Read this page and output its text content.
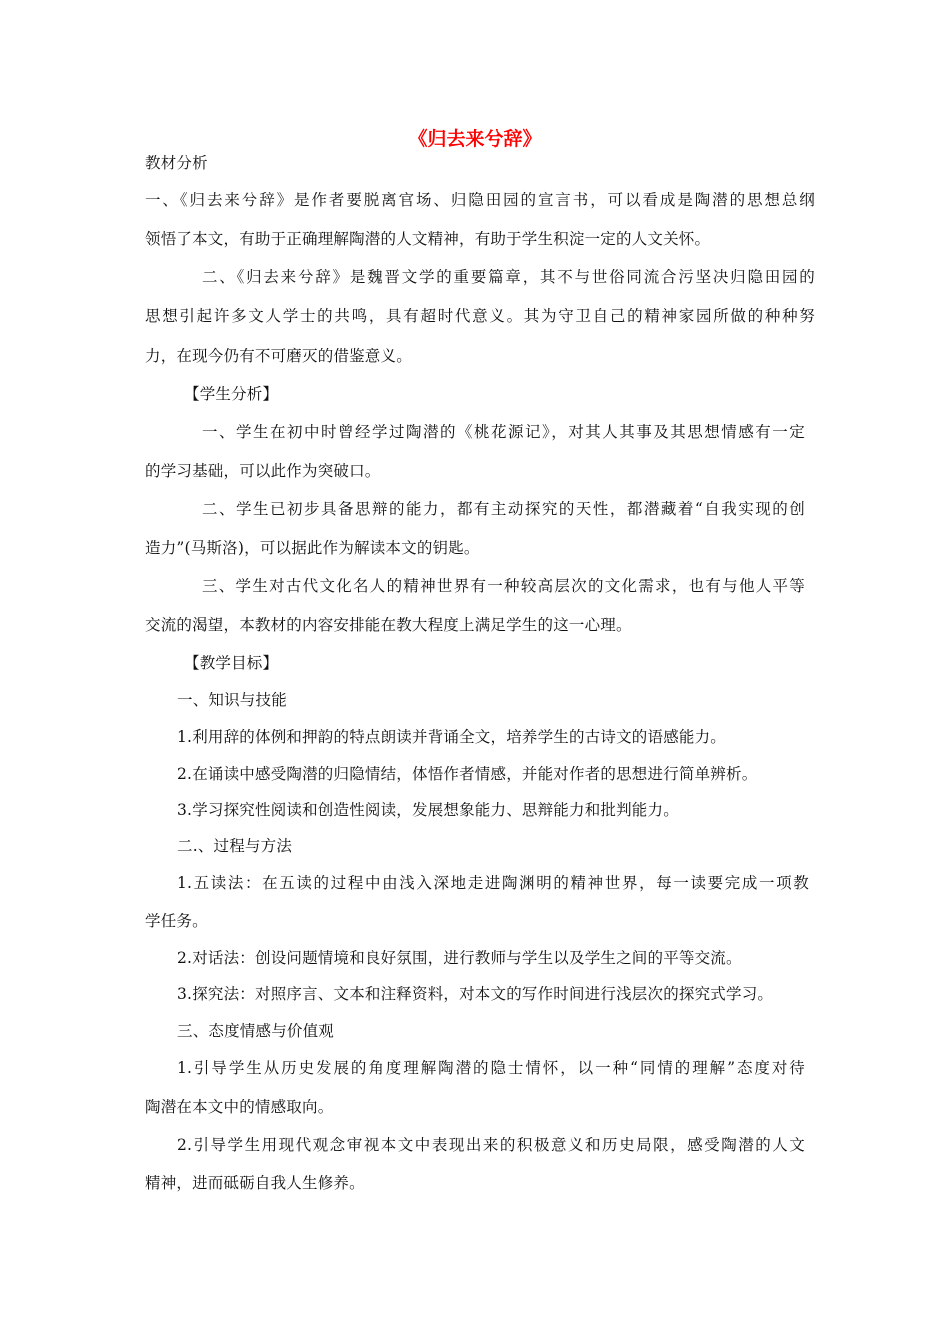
《归去来兮辞》
教材分析
一、《归去来兮辞》是作者要脱离官场、归隐田园的宣言书，可以看成是陶潜的思想总纲
领悟了本文，有助于正确理解陶潜的人文精神，有助于学生积淀一定的人文关怀。
二、《归去来兮辞》是魏晋文学的重要篇章，其不与世俗同流合污坚决归隐田园的
思想引起许多文人学士的共鸣，具有超时代意义。其为守卫自己的精神家园所做的种种努
力，在现今仍有不可磨灭的借鉴意义。
【学生分析】
一、学生在初中时曾经学过陶潜的《桃花源记》，对其人其事及其思想情感有一定
的学习基础，可以此作为突破口。
二、学生已初步具备思辩的能力，都有主动探究的天性，都潜藏着“自我实现的创
造力”(马斯洛)，可以据此作为解读本文的钥匙。
三、学生对古代文化名人的精神世界有一种较高层次的文化需求，也有与他人平等
交流的渴望，本教材的内容安排能在教大程度上满足学生的这一心理。
【教学目标】
一、知识与技能
1.利用辞的体例和押韵的特点朗读并背诵全文，培养学生的古诗文的语感能力。
2.在诵读中感受陶潜的归隐情结，体悟作者情感，并能对作者的思想进行简单辨析。
3.学习探究性阅读和创造性阅读，发展想象能力、思辩能力和批判能力。
二.、过程与方法
1.五读法：在五读的过程中由浅入深地走进陶渊明的精神世界，每一读要完成一项教
学任务。
2.对话法：创设问题情境和良好氛围，进行教师与学生以及学生之间的平等交流。
3.探究法：对照序言、文本和注释资料，对本文的写作时间进行浅层次的探究式学习。
三、态度情感与价值观
1.引导学生从历史发展的角度理解陶潜的隐士情怀，以一种“同情的理解”态度对待
陶潜在本文中的情感取向。
2.引导学生用现代观念审视本文中表现出来的积极意义和历史局限，感受陶潜的人文
精神，进而砥砺自我人生修养。
